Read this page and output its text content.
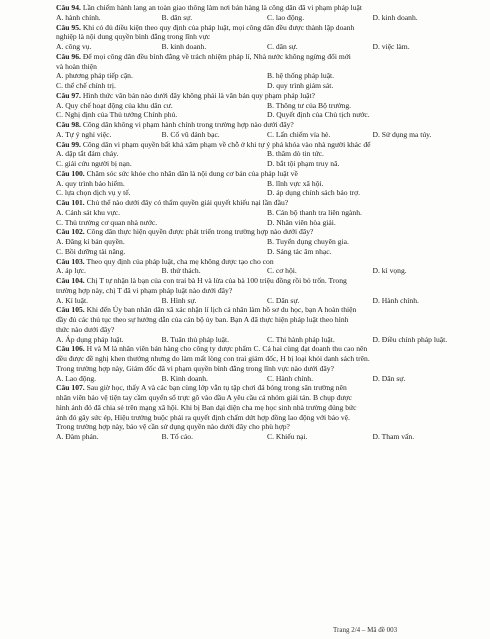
Câu 94. Lần chiếm hành lang an toàn giao thông làm nơi bán hàng là công dân đã vi phạm pháp luật

A. hành chính.	B. dân sự.	C. lao động.	D. kinh doanh.

Câu 95. Khi có đủ điều kiện theo quy định của pháp luật, mọi công dân đều được thành lập doanh

nghiệp là nội dung quyền bình đẳng trong lĩnh vực

A. công vụ.	B. kinh doanh.	C. dân sự.	D. việc làm.

Câu 96. Để mọi công dân đều bình đẳng về trách nhiệm pháp lí, Nhà nước không ngừng đổi mới

và hoàn thiện

A. phương pháp tiếp cận.	B. hệ thống pháp luật.
C. thể chế chính trị.	D. quy trình giám sát.

Câu 97. Hình thức văn bản nào dưới đây không phải là văn bản quy phạm pháp luật?

A. Quy chế hoạt động của khu dân cư.	B. Thông tư của Bộ trưởng.
C. Nghị định của Thủ tướng Chính phủ.	D. Quyết định của Chủ tịch nước.

Câu 98. Công dân không vi phạm hành chính trong trường hợp nào dưới đây?

A. Tự ý nghỉ việc.	B. Cổ vũ đánh bạc.	C. Lấn chiếm vỉa hè.	D. Sử dụng ma túy.

Câu 99. Công dân vi phạm quyền bất khả xâm phạm về chỗ ở khi tự ý phá khóa vào nhà người khác để

A. dập tắt đám cháy.	B. thăm dò tin tức.
C. giải cứu người bị nạn.	D. bắt tội phạm truy nã.

Câu 100. Chăm sóc sức khỏe cho nhân dân là nội dung cơ bản của pháp luật về

A. quy trình bảo hiểm.	B. lĩnh vực xã hội.
C. lựa chọn dịch vụ y tế.	D. áp dụng chính sách bảo trợ.

Câu 101. Chủ thể nào dưới đây có thẩm quyền giải quyết khiếu nại lần đầu?

A. Cảnh sát khu vực.	B. Cán bộ thanh tra liên ngành.
C. Thủ trưởng cơ quan nhà nước.	D. Nhân viên hòa giải.

Câu 102. Công dân thực hiện quyền được phát triển trong trường hợp nào dưới đây?

A. Đăng kí bản quyền.	B. Tuyển dụng chuyên gia.
C. Bồi dưỡng tài năng.	D. Sáng tác âm nhạc.

Câu 103. Theo quy định của pháp luật, cha mẹ không được tạo cho con

A. áp lực.	B. thử thách.	C. cơ hội.	D. kì vọng.

Câu 104. Chị T tự nhận là bạn của con trai bà H và lừa của bà 100 triệu đồng rồi bỏ trốn. Trong

trường hợp này, chị T đã vi phạm pháp luật nào dưới đây?

A. Kỉ luật.	B. Hình sự.	C. Dân sự.	D. Hành chính.

Câu 105. Khi đến Ủy ban nhân dân xã xác nhận lí lịch cá nhân làm hồ sơ du học, bạn A hoàn thiện

đầy đủ các thủ tục theo sự hướng dẫn của cán bộ ủy ban. Bạn A đã thực hiện pháp luật theo hình

thức nào dưới đây?

A. Áp dụng pháp luật.	B. Tuân thủ pháp luật.	C. Thi hành pháp luật.	D. Điều chỉnh pháp luật.

Câu 106. H và M là nhân viên bán hàng cho công ty dược phẩm C. Cả hai cùng đạt doanh thu cao nên

đều được đề nghị khen thưởng nhưng do làm mất lòng con trai giám đốc, H bị loại khỏi danh sách trên.

Trong trường hợp này, Giám đốc đã vi phạm quyền bình đẳng trong lĩnh vực nào dưới đây?

A. Lao động.	B. Kinh doanh.	C. Hành chính.	D. Dân sự.

Câu 107. Sau giờ học, thấy A và các bạn cùng lớp vẫn tụ tập chơi đá bóng trong sân trường nên

nhân viên bảo vệ tiện tay cầm quyển sổ trực gõ vào đầu A yêu cầu cả nhóm giải tán. B chụp được

hình ảnh đó đã chia sẻ trên mạng xã hội. Khi bị Ban dại diện cha mẹ học sinh nhà trường đúng bức

ảnh đó gây sức ép, Hiệu trưởng buộc phải ra quyết định chấm dứt hợp đồng lao động với bảo vệ.

Trong trường hợp này, bảo vệ cần sử dụng quyền nào dưới đây cho phù hợp?

A. Đàm phán.	B. Tố cáo.	C. Khiếu nại.	D. Tham vấn.
Trang 2/4 – Mã đề 003
